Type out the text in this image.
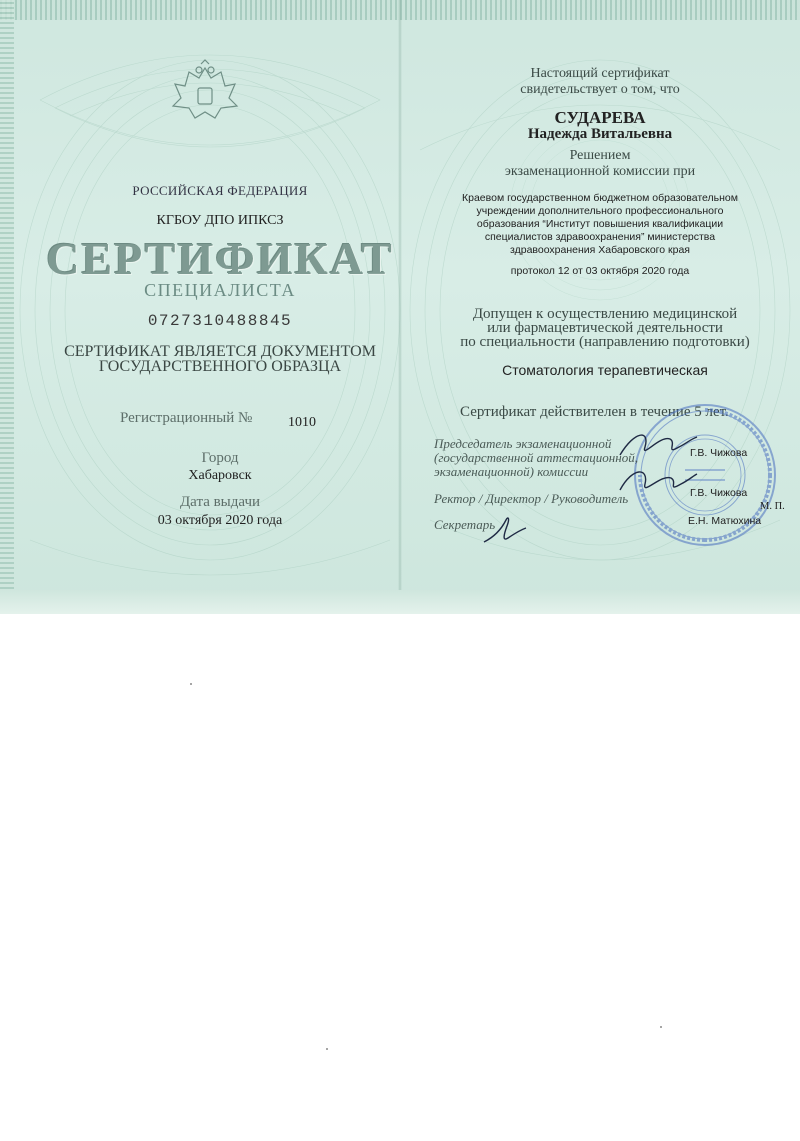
РОССИЙСКАЯ ФЕДЕРАЦИЯ

КГБОУ ДПО ИПКСЗ

СЕРТИФИКАТ

СПЕЦИАЛИСТА

0727310488845

СЕРТИФИКАТ ЯВЛЯЕТСЯ ДОКУМЕНТОМ

ГОСУДАРСТВЕННОГО ОБРАЗЦА

Регистрационный №	1010

Город

Хабаровск

Дата выдачи

03 октября 2020 года

Настоящий сертификат

свидетельствует о том, что

СУДАРЕВА

Надежда Витальевна

Решением

экзаменационной комиссии при

Краевом государственном бюджетном образовательном

учреждении дополнительного профессионального

образования “Институт повышения квалификации

специалистов здравоохранения” министерства

здравоохранения Хабаровского края

протокол 12 от 03 октября 2020 года

Допущен к осуществлению медицинской

или фармацевтической деятельности

по специальности (направлению подготовки)

Стоматология терапевтическая

Сертификат действителен в течение 5 лет.

Председатель экзаменационной

(государственной аттестационной,

экзаменационной) комиссии

Ректор / Директор / Руководитель

Секретарь

Г.В. Чижова

Г.В. Чижова

М. П.

Е.Н. Матюхина
